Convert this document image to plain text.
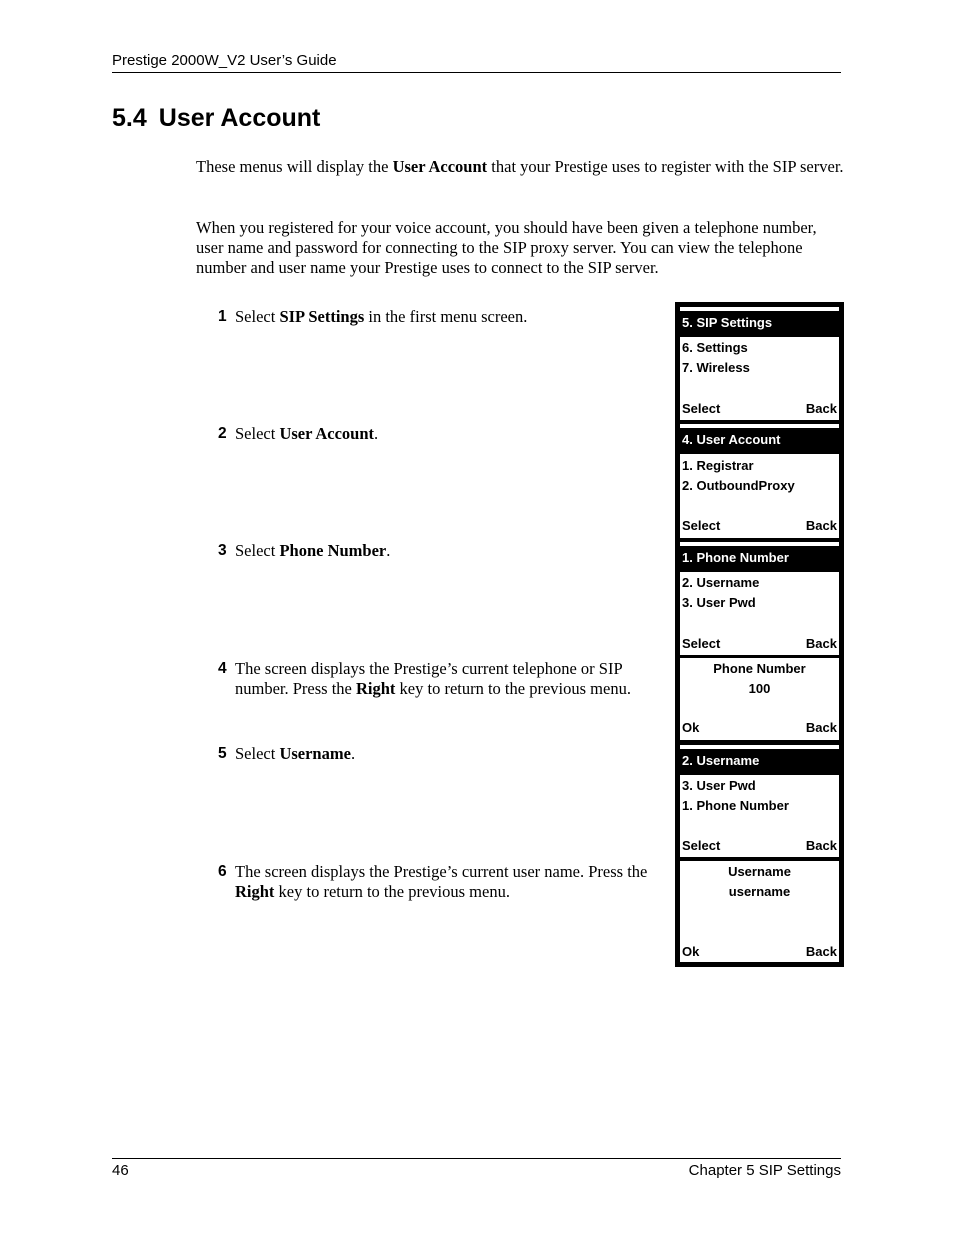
Prestige 2000W_V2 User’s Guide
5.4 User Account

These menus will display the User Account that your Prestige uses to register with the SIP server.

When you registered for your voice account, you should have been given a telephone number, user name and password for connecting to the SIP proxy server. You can view the telephone number and user name your Prestige uses to connect to the SIP server.

1 Select SIP Settings in the first menu screen.
2 Select User Account.
3 Select Phone Number.
4 The screen displays the Prestige’s current telephone or SIP number. Press the Right key to return to the previous menu.
5 Select Username.
6 The screen displays the Prestige’s current user name. Press the Right key to return to the previous menu.
5. SIP Settings
6. Settings
7. Wireless
Select	Back
4. User Account
1. Registrar
2. OutboundProxy
Select	Back
1. Phone Number
2. Username
3. User Pwd
Select	Back
Phone Number
100
Ok	Back
2. Username
3. User Pwd
1. Phone Number
Select	Back
Username
username
Ok	Back
46	Chapter 5 SIP Settings
